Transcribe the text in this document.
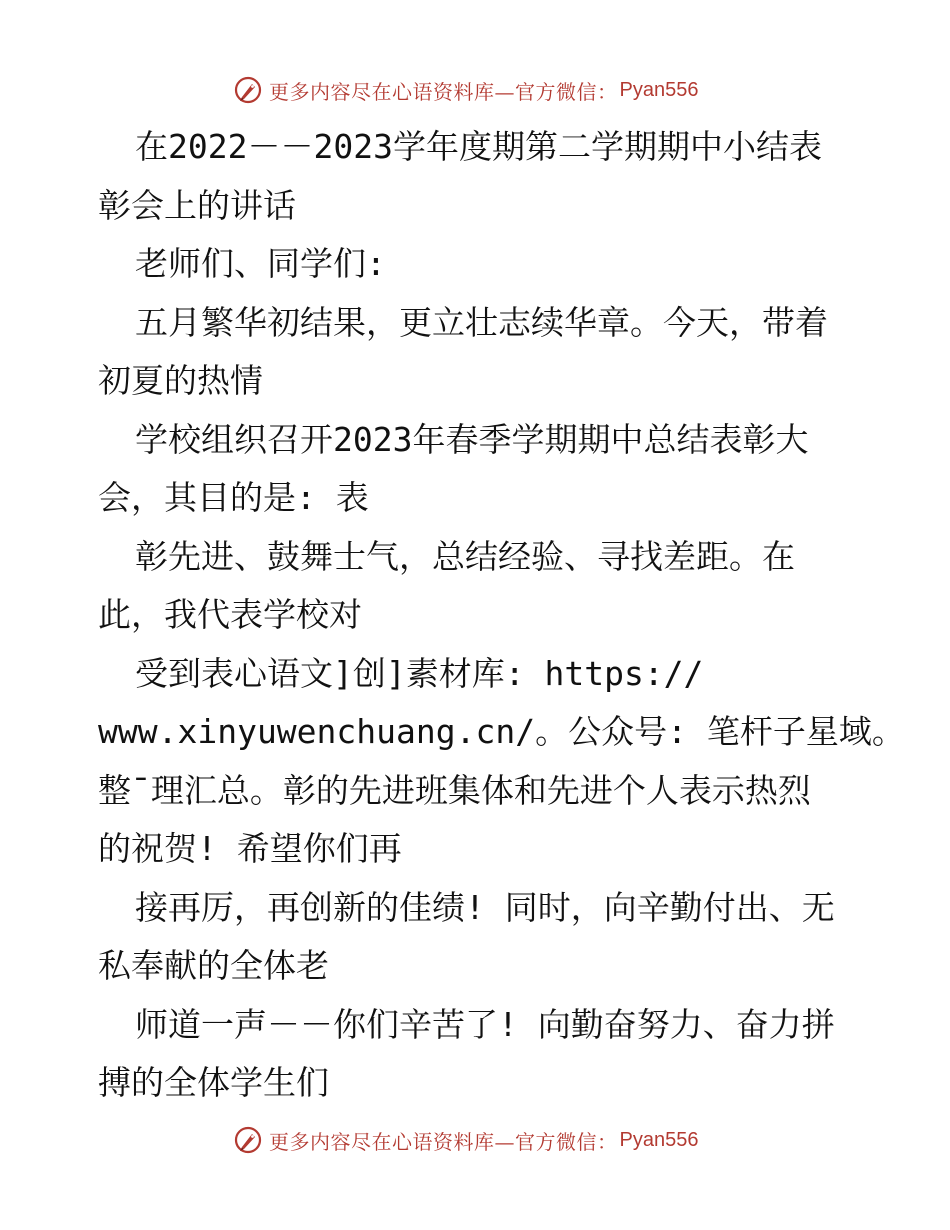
更多内容尽在心语资料库—官方微信： Pyan556
在2022－－2023学年度期第二学期期中小结表
彰会上的讲话
老师们、同学们:
五月繁华初结果，更立壮志续华章。今天，带着
初夏的热情
学校组织召开2023年春季学期期中总结表彰大
会，其目的是: 表
彰先进、鼓舞士气，总结经验、寻找差距。在
此，我代表学校对
受到表心语文]创]素材库: https://
www.xinyuwenchuang.cn/。公众号: 笔杆子星域。
整¯理汇总。彰的先进班集体和先进个人表示热烈
的祝贺! 希望你们再
接再厉，再创新的佳绩! 同时，向辛勤付出、无
私奉献的全体老
师道一声－－你们辛苦了! 向勤奋努力、奋力拼
搏的全体学生们
更多内容尽在心语资料库—官方微信： Pyan556
